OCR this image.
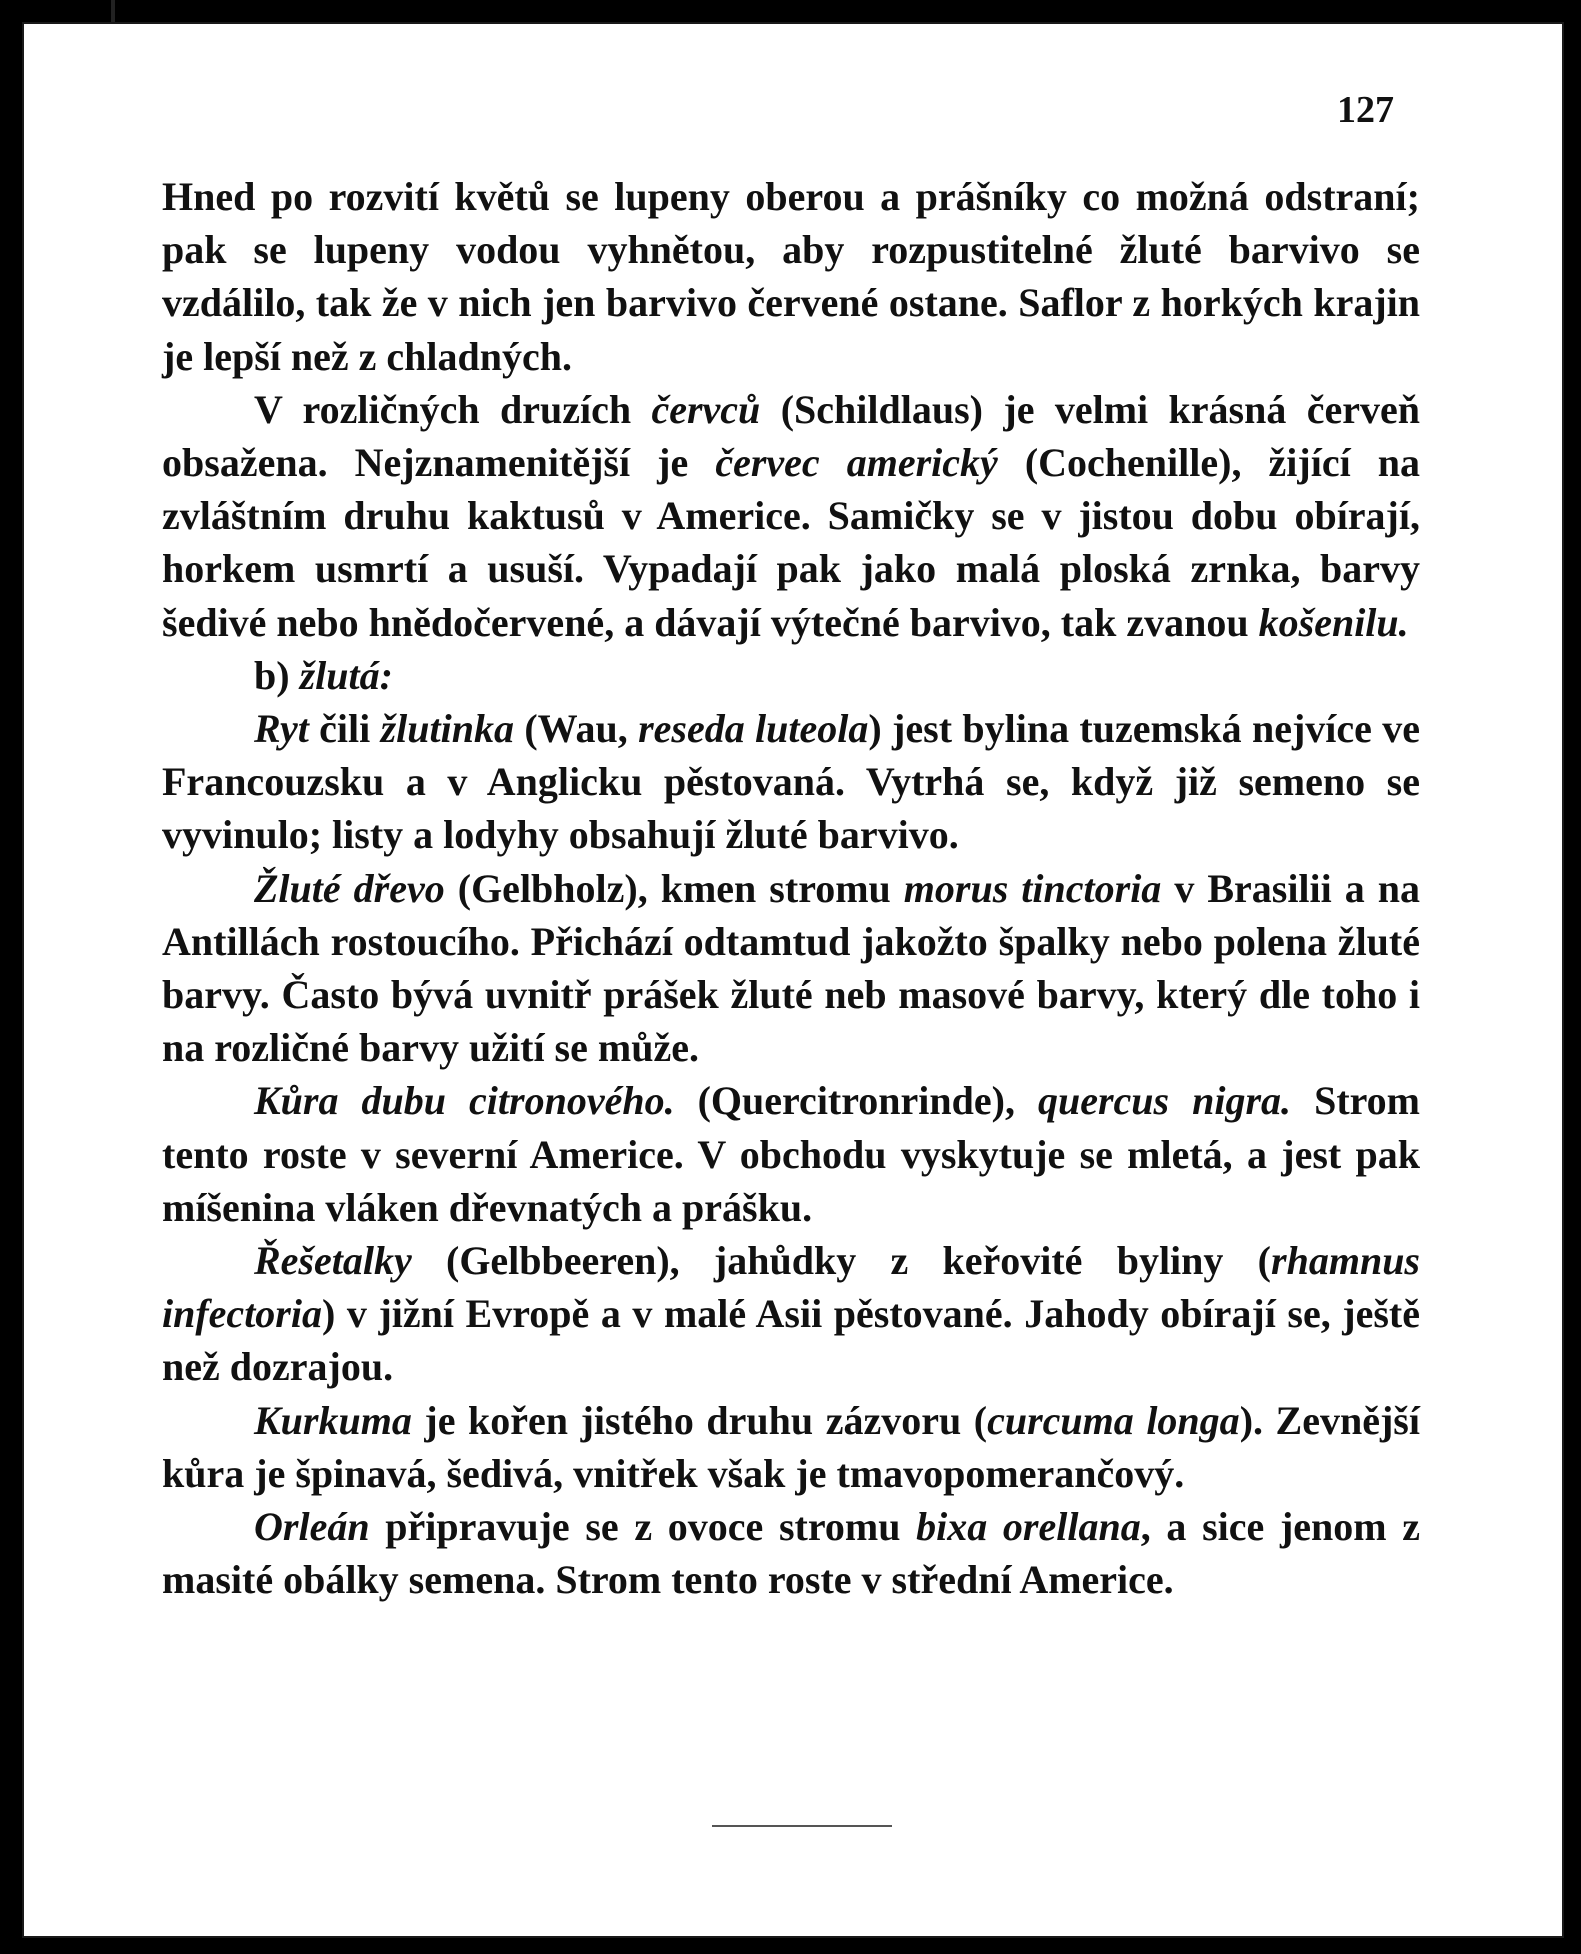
127

Hned po rozvití květů se lupeny oberou a prášníky co možná odstraní; pak se lupeny vodou vyhnětou, aby rozpustitelné žluté barvivo se vzdálilo, tak že v nich jen barvivo červené ostane. Saflor z horkých krajin je lepší než z chladných.

V rozličných druzích červců (Schildlaus) je velmi krásná červeň obsažena. Nejznamenitější je červec americký (Cochenille), žijící na zvláštním druhu kaktusů v Americe. Samičky se v jistou dobu obírají, horkem usmrtí a usuší. Vypadají pak jako malá ploská zrnka, barvy šedivé nebo hnědočervené, a dávají výtečné barvivo, tak zvanou košenilu.

b) žlutá:

Ryt čili žlutinka (Wau, reseda luteola) jest bylina tuzemská nejvíce ve Francouzsku a v Anglicku pěstovaná. Vytrhá se, když již semeno se vyvinulo; listy a lodyhy obsahují žluté barvivo.

Žluté dřevo (Gelbholz), kmen stromu morus tinctoria v Brasilii a na Antillách rostoucího. Přichází odtamtud jakožto špalky nebo polena žluté barvy. Často bývá uvnitř prášek žluté neb masové barvy, který dle toho i na rozličné barvy užití se může.

Kůra dubu citronového. (Quercitronrinde), quercus nigra. Strom tento roste v severní Americe. V obchodu vyskytuje se mletá, a jest pak míšenina vláken dřevnatých a prášku.

Řešetalky (Gelbbeeren), jahůdky z keřovité byliny (rhamnus infectoria) v jižní Evropě a v malé Asii pěstované. Jahody obírají se, ještě než dozrajou.

Kurkuma je kořen jistého druhu zázvoru (curcuma longa). Zevnější kůra je špinavá, šedivá, vnitřek však je tmavopomerančový.

Orleán připravuje se z ovoce stromu bixa orellana, a sice jenom z masité obálky semena. Strom tento roste v střední Americe.
